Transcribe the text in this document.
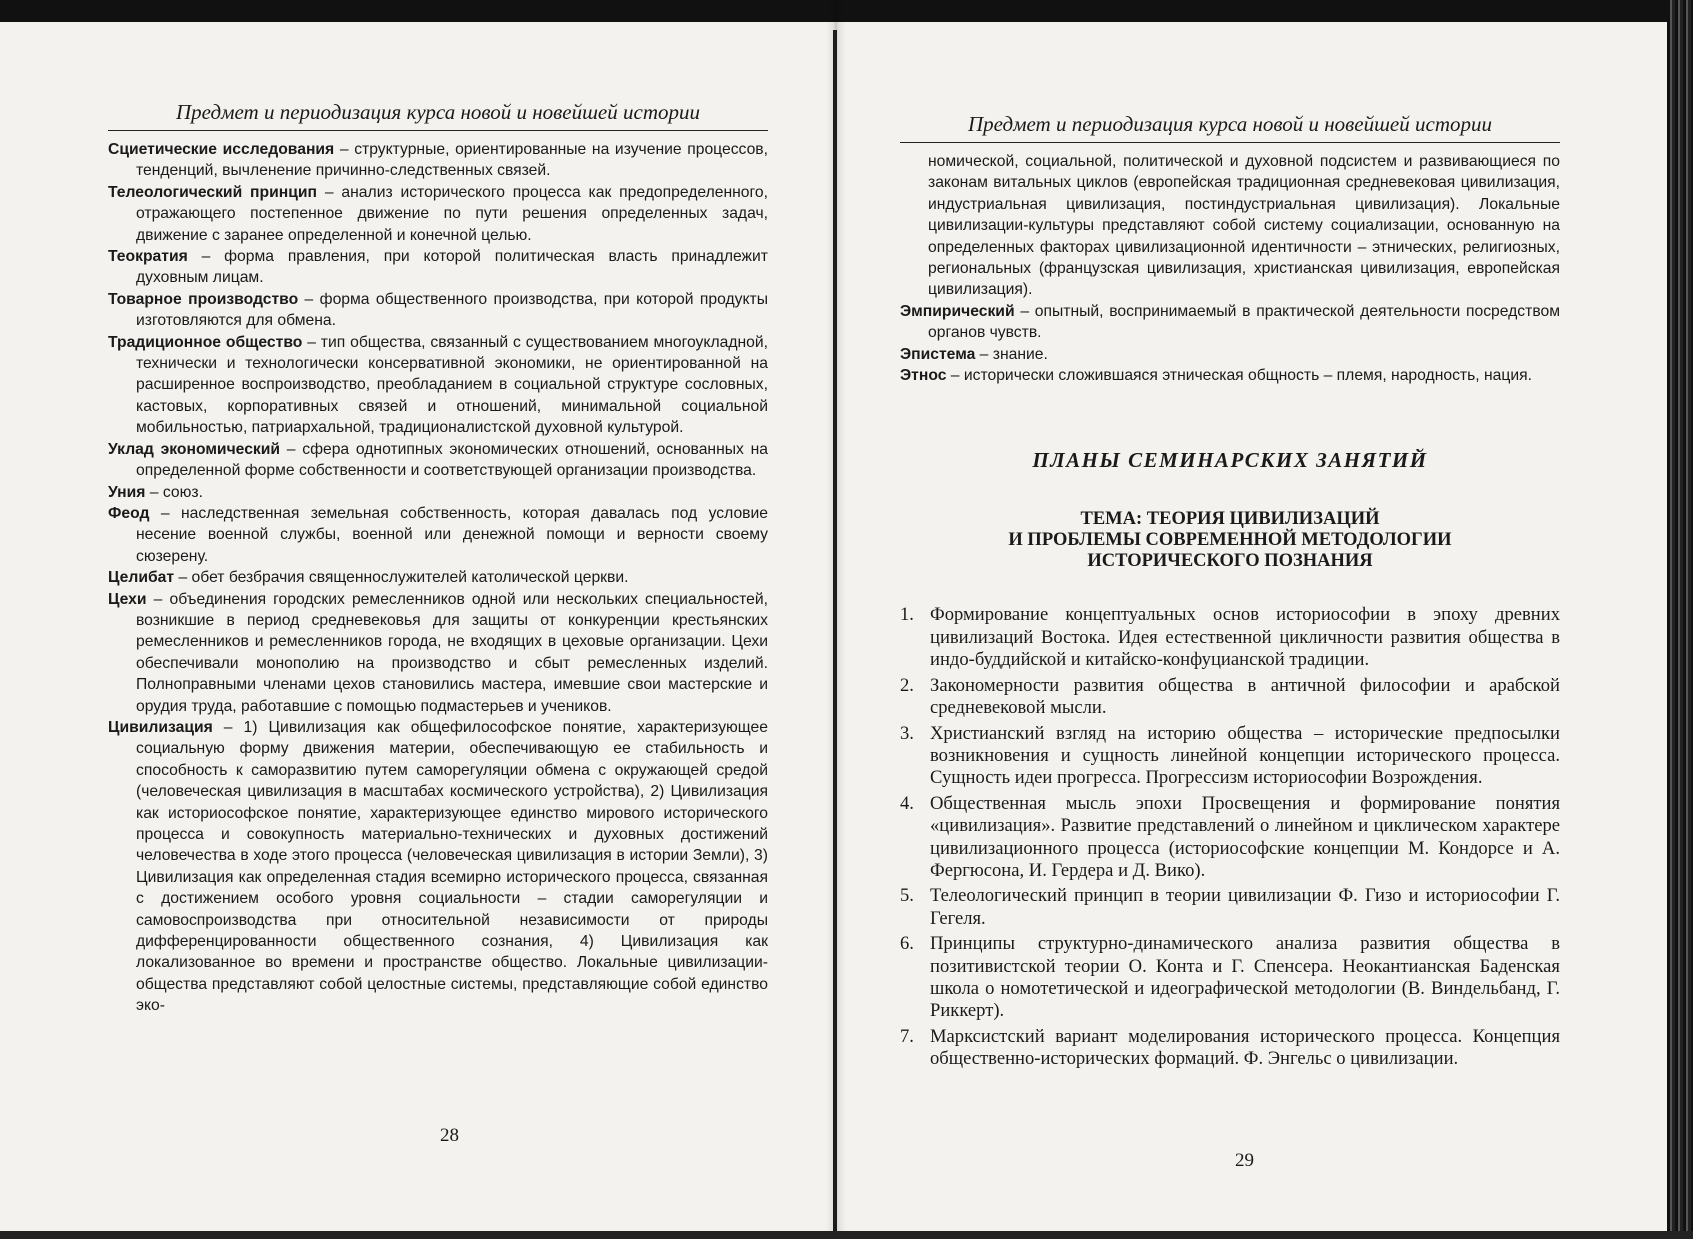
Предмет и периодизация курса новой и новейшей истории
Сциетические исследования – структурные, ориентированные на изучение процессов, тенденций, вычленение причинно-следственных связей.
Телеологический принцип – анализ исторического процесса как предопределенного, отражающего постепенное движение по пути решения определенных задач, движение с заранее определенной и конечной целью.
Теократия – форма правления, при которой политическая власть принадлежит духовным лицам.
Товарное производство – форма общественного производства, при которой продукты изготовляются для обмена.
Традиционное общество – тип общества, связанный с существованием многоукладной, технически и технологически консервативной экономики, не ориентированной на расширенное воспроизводство, преобладанием в социальной структуре сословных, кастовых, корпоративных связей и отношений, минимальной социальной мобильностью, патриархальной, традиционалистской духовной культурой.
Уклад экономический – сфера однотипных экономических отношений, основанных на определенной форме собственности и соответствующей организации производства.
Уния – союз.
Феод – наследственная земельная собственность, которая давалась под условие несение военной службы, военной или денежной помощи и верности своему сюзерену.
Целибат – обет безбрачия священнослужителей католической церкви.
Цехи – объединения городских ремесленников одной или нескольких специальностей, возникшие в период средневековья для защиты от конкуренции крестьянских ремесленников и ремесленников города, не входящих в цеховые организации. Цехи обеспечивали монополию на производство и сбыт ремесленных изделий. Полноправными членами цехов становились мастера, имевшие свои мастерские и орудия труда, работавшие с помощью подмастерьев и учеников.
Цивилизация – 1) Цивилизация как общефилософское понятие, характеризующее социальную форму движения материи, обеспечивающую ее стабильность и способность к саморазвитию путем саморегуляции обмена с окружающей средой (человеческая цивилизация в масштабах космического устройства), 2) Цивилизация как историософское понятие, характеризующее единство мирового исторического процесса и совокупность материально-технических и духовных достижений человечества в ходе этого процесса (человеческая цивилизация в истории Земли), 3) Цивилизация как определенная стадия всемирно исторического процесса, связанная с достижением особого уровня социальности – стадии саморегуляции и самовоспроизводства при относительной независимости от природы дифференцированности общественного сознания, 4) Цивилизация как локализованное во времени и пространстве общество. Локальные цивилизации-общества представляют собой целостные системы, представляющие собой единство эко-
28
Предмет и периодизация курса новой и новейшей истории

номической, социальной, политической и духовной подсистем и развивающиеся по законам витальных циклов (европейская традиционная средневековая цивилизация, индустриальная цивилизация, постиндустриальная цивилизация). Локальные цивилизации-культуры представляют собой систему социализации, основанную на определенных факторах цивилизационной идентичности – этнических, религиозных, региональных (французская цивилизация, христианская цивилизация, европейская цивилизация).

Эмпирический – опытный, воспринимаемый в практической деятельности посредством органов чувств.
Эпистема – знание.
Этнос – исторически сложившаяся этническая общность – племя, народность, нация.
ПЛАНЫ СЕМИНАРСКИХ ЗАНЯТИЙ
ТЕМА: ТЕОРИЯ ЦИВИЛИЗАЦИЙ
И ПРОБЛЕМЫ СОВРЕМЕННОЙ МЕТОДОЛОГИИ
ИСТОРИЧЕСКОГО ПОЗНАНИЯ
1. Формирование концептуальных основ историософии в эпоху древних цивилизаций Востока. Идея естественной цикличности развития общества в индо-буддийской и китайско-конфуцианской традиции.
2. Закономерности развития общества в античной философии и арабской средневековой мысли.
3. Христианский взгляд на историю общества – исторические предпосылки возникновения и сущность линейной концепции исторического процесса. Сущность идеи прогресса. Прогрессизм историософии Возрождения.
4. Общественная мысль эпохи Просвещения и формирование понятия «цивилизация». Развитие представлений о линейном и циклическом характере цивилизационного процесса (историософские концепции М. Кондорсе и А. Фергюсона, И. Гердера и Д. Вико).
5. Телеологический принцип в теории цивилизации Ф. Гизо и историософии Г. Гегеля.
6. Принципы структурно-динамического анализа развития общества в позитивистской теории О. Конта и Г. Спенсера. Неокантианская Баденская школа о номотетической и идеографической методологии (В. Виндельбанд, Г. Риккерт).
7. Марксистский вариант моделирования исторического процесса. Концепция общественно-исторических формаций. Ф. Энгельс о цивилизации.
29
